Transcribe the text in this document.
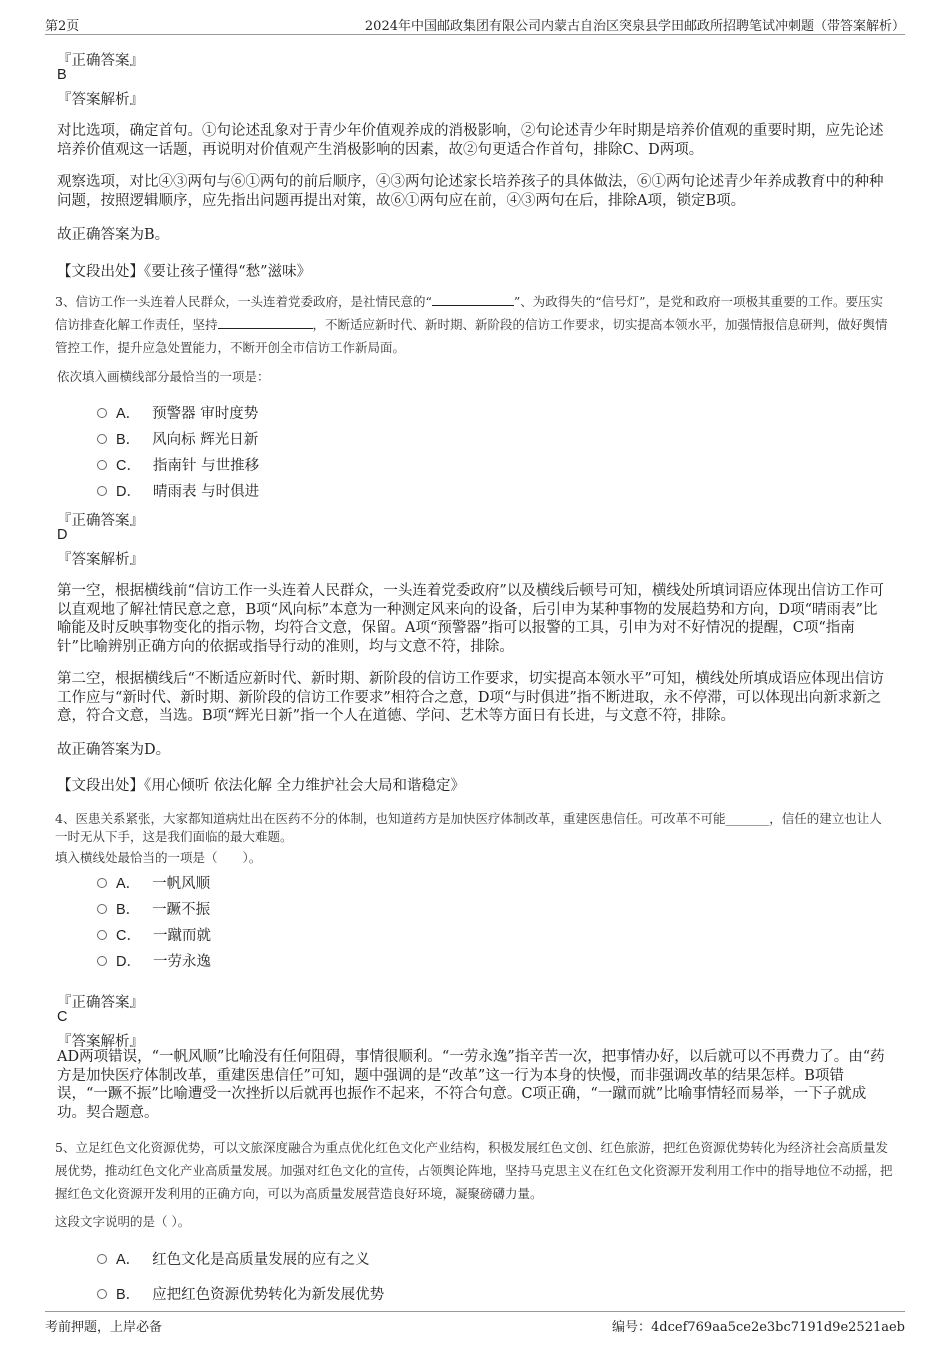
第2页	2024年中国邮政集团有限公司内蒙古自治区突泉县学田邮政所招聘笔试冲刺题（带答案解析）
『正确答案』
B
『答案解析』
对比选项，确定首句。①句论述乱象对于青少年价值观养成的消极影响，②句论述青少年时期是培养价值观的重要时期，应先论述培养价值观这一话题，再说明对价值观产生消极影响的因素，故②句更适合作首句，排除C、D两项。
观察选项，对比④③两句与⑥①两句的前后顺序，④③两句论述家长培养孩子的具体做法，⑥①两句论述青少年养成教育中的种种问题，按照逻辑顺序，应先指出问题再提出对策，故⑥①两句应在前，④③两句在后，排除A项，锁定B项。
故正确答案为B。
【文段出处】《要让孩子懂得“愁”滋味》
3、信访工作一头连着人民群众，一头连着党委政府，是社情民意的“	”、为政得失的“信号灯”，是党和政府一项极其重要的工作。要压实信访排查化解工作责任，坚持	，不断适应新时代、新时期、新阶段的信访工作要求，切实提高本领水平，加强情报信息研判，做好舆情管控工作，提升应急处置能力，不断开创全市信访工作新局面。
依次填入画横线部分最恰当的一项是：
A． 预警器 审时度势
B． 风向标 辉光日新
C． 指南针 与世推移
D． 晴雨表 与时俱进
『正确答案』
D
『答案解析』
第一空，根据横线前“信访工作一头连着人民群众，一头连着党委政府”以及横线后顿号可知，横线处所填词语应体现出信访工作可以直观地了解社情民意之意，B项“风向标”本意为一种测定风来向的设备，后引申为某种事物的发展趋势和方向，D项“晴雨表”比喻能及时反映事物变化的指示物，均符合文意，保留。A项“预警器”指可以报警的工具，引申为对不好情况的提醒，C项“指南针”比喻辨别正确方向的依据或指导行动的准则，均与文意不符，排除。
第二空，根据横线后“不断适应新时代、新时期、新阶段的信访工作要求，切实提高本领水平”可知，横线处所填成语应体现出信访工作应与“新时代、新时期、新阶段的信访工作要求”相符合之意，D项“与时俱进”指不断进取，永不停滞，可以体现出向新求新之意，符合文意，当选。B项“辉光日新”指一个人在道德、学问、艺术等方面日有长进，与文意不符，排除。
故正确答案为D。
【文段出处】《用心倾听 依法化解 全力维护社会大局和谐稳定》
4、医患关系紧张，大家都知道病灶出在医药不分的体制，也知道药方是加快医疗体制改革，重建医患信任。可改革不可能_______，信任的建立也让人一时无从下手，这是我们面临的最大难题。
填入横线处最恰当的一项是（　　）。
A． 一帆风顺
B． 一蹶不振
C． 一蹴而就
D． 一劳永逸
『正确答案』
C
『答案解析』
AD两项错误，“一帆风顺”比喻没有任何阻碍，事情很顺利。“一劳永逸”指辛苦一次，把事情办好，以后就可以不再费力了。由“药方是加快医疗体制改革，重建医患信任”可知，题中强调的是“改革”这一行为本身的快慢，而非强调改革的结果怎样。B项错误，“一蹶不振”比喻遭受一次挫折以后就再也振作不起来，不符合句意。C项正确，“一蹴而就”比喻事情轻而易举，一下子就成功。契合题意。
5、立足红色文化资源优势，可以文旅深度融合为重点优化红色文化产业结构，积极发展红色文创、红色旅游，把红色资源优势转化为经济社会高质量发展优势，推动红色文化产业高质量发展。加强对红色文化的宣传，占领舆论阵地，坚持马克思主义在红色文化资源开发利用工作中的指导地位不动摇，把握红色文化资源开发利用的正确方向，可以为高质量发展营造良好环境，凝聚磅礴力量。
这段文字说明的是（ ）。
A． 红色文化是高质量发展的应有之义
B． 应把红色资源优势转化为新发展优势
考前押题，上岸必备	编号：4dcef769aa5ce2e3bc7191d9e2521aeb
